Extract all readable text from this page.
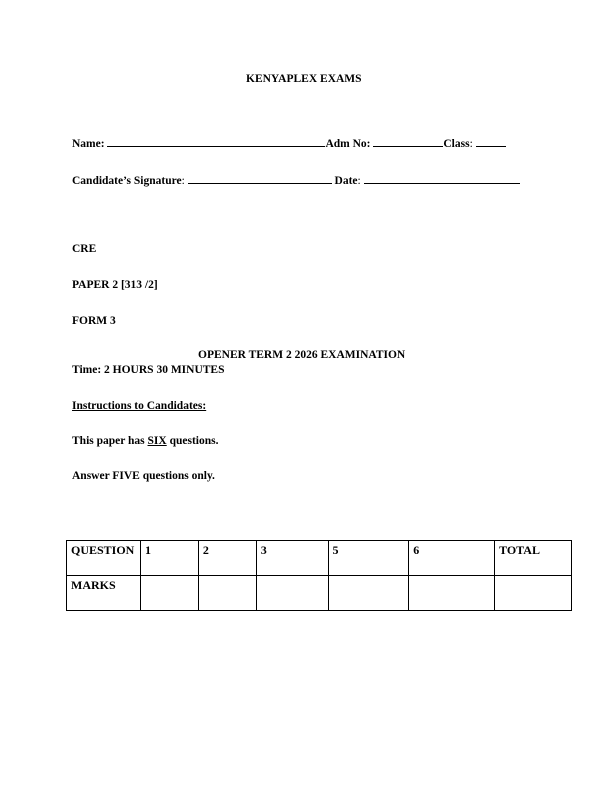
KENYAPLEX EXAMS
Name:	Adm No:	Class:
Candidate’s Signature:	Date:
CRE
PAPER 2 [313 /2]
FORM 3
OPENER TERM 2 2026 EXAMINATION
Time: 2 HOURS 30 MINUTES
Instructions to Candidates:
This paper has SIX questions.
Answer FIVE questions only.
QUESTION	1	2	3	5	6	TOTAL
MARKS						
